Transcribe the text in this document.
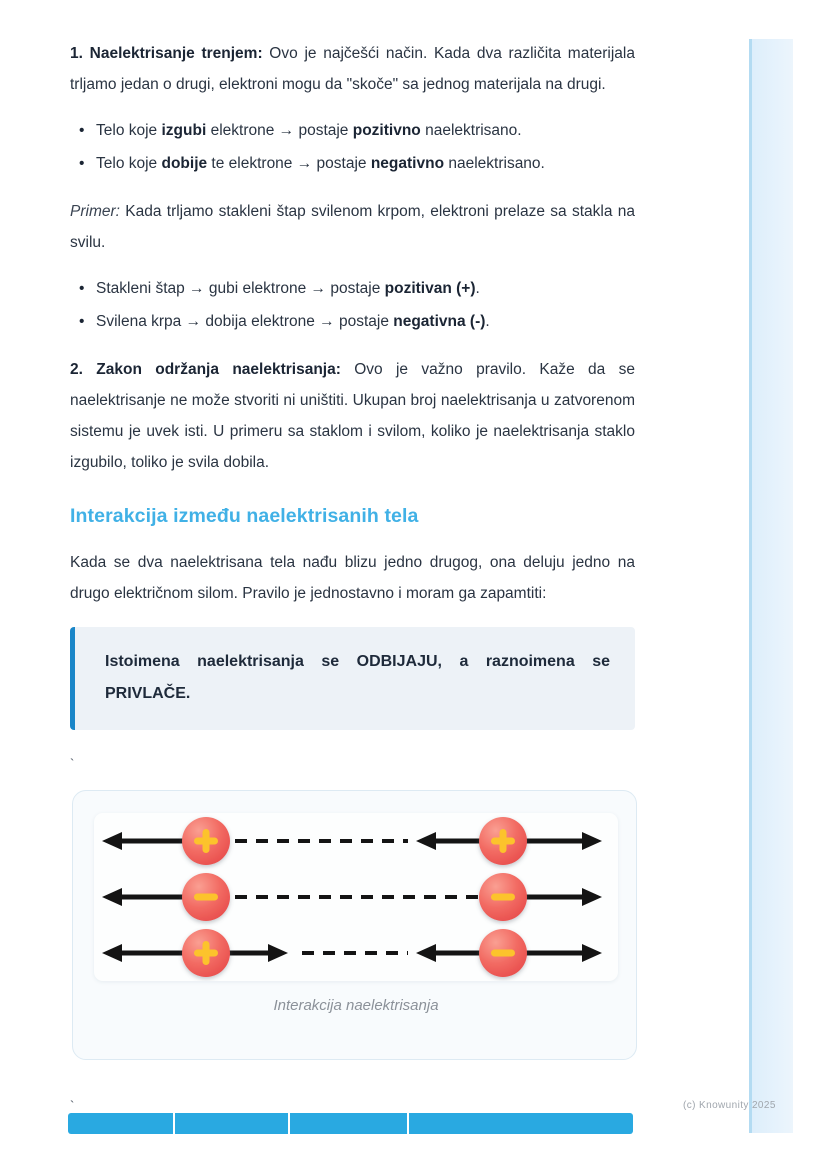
1. Naelektrisanje trenjem: Ovo je najčešći način. Kada dva različita materijala trljamo jedan o drugi, elektroni mogu da "skoče" sa jednog materijala na drugi.

• Telo koje izgubi elektrone → postaje pozitivno naelektrisano.
• Telo koje dobije te elektrone → postaje negativno naelektrisano.

Primer: Kada trljamo stakleni štap svilenom krpom, elektroni prelaze sa stakla na svilu.

• Stakleni štap → gubi elektrone → postaje pozitivan (+).
• Svilena krpa → dobija elektrone → postaje negativna (-).

2. Zakon održanja naelektrisanja: Ovo je važno pravilo. Kaže da se naelektrisanje ne može stvoriti ni uništiti. Ukupan broj naelektrisanja u zatvorenom sistemu je uvek isti. U primeru sa staklom i svilom, koliko je naelektrisanja staklo izgubilo, toliko je svila dobila.

Interakcija između naelektrisanih tela

Kada se dva naelektrisana tela nađu blizu jedno drugog, ona deluju jedno na drugo električnom silom. Pravilo je jednostavno i moram ga zapamtiti:

Istoimena naelektrisanja se ODBIJAJU, a raznoimena se PRIVLAČE.
`
Interakcija naelektrisanja
`	(c) Knowunity 2025
